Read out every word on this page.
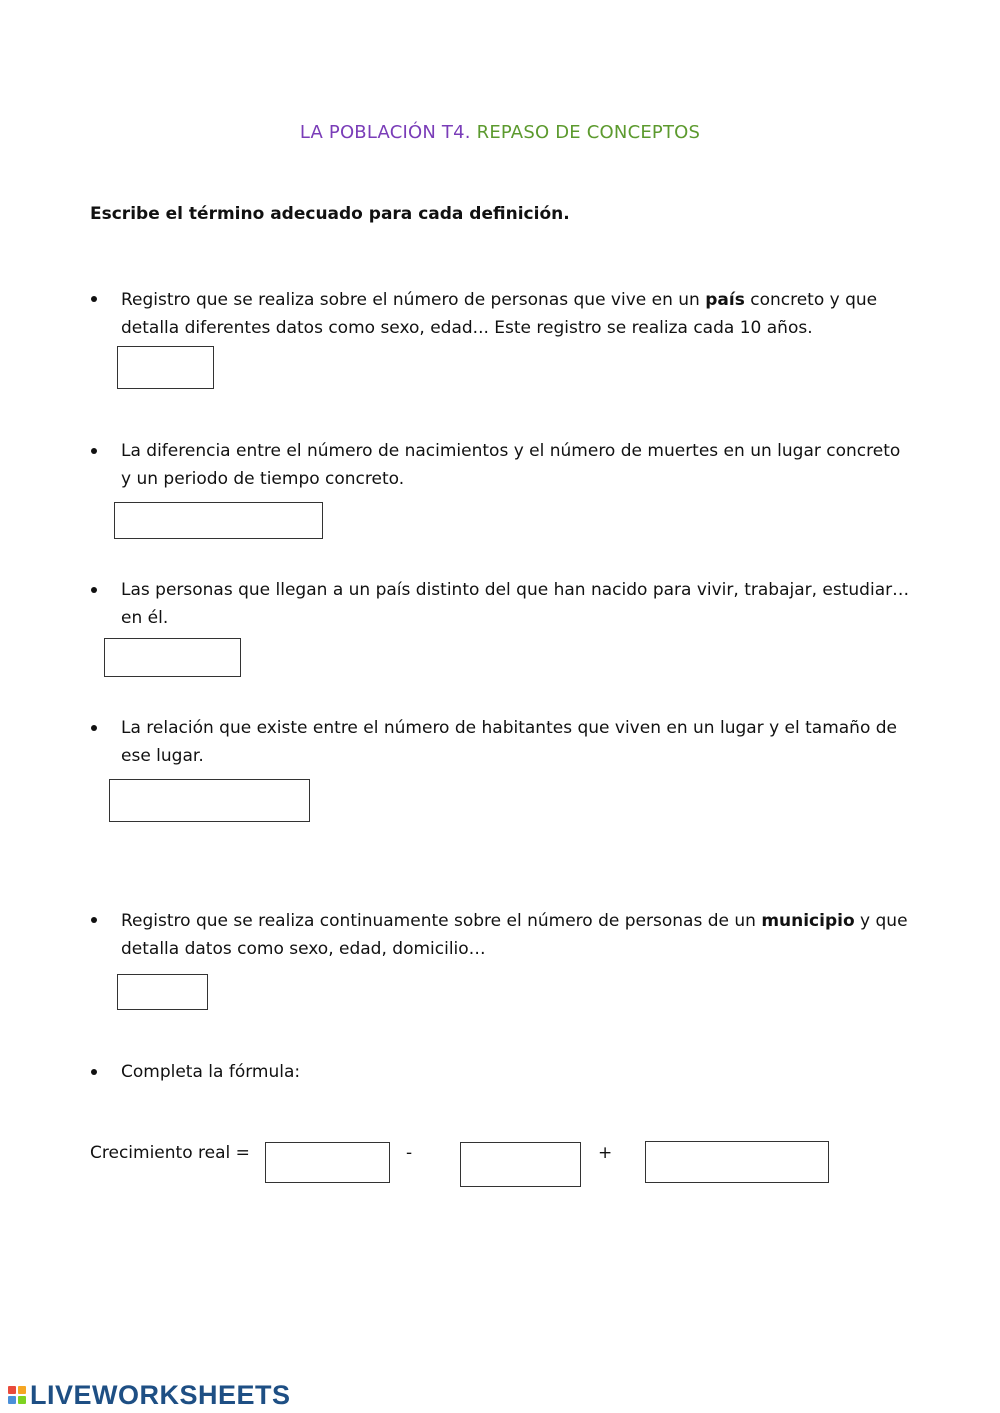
LA POBLACIÓN T4. REPASO DE CONCEPTOS
Escribe el término adecuado para cada definición.
Registro que se realiza sobre el número de personas que vive en un país concreto y que detalla diferentes datos como sexo, edad... Este registro se realiza cada 10 años.
La diferencia entre el número de nacimientos y el número de muertes en un lugar concreto y un periodo de tiempo concreto.
Las personas que llegan a un país distinto del que han nacido para vivir, trabajar, estudiar… en él.
La relación que existe entre el número de habitantes que viven en un lugar y el tamaño de ese lugar.
Registro que se realiza continuamente sobre el número de personas de un municipio y que detalla datos como sexo, edad, domicilio…
Completa la fórmula:
Crecimiento real =	-	+
LIVEWORKSHEETS
